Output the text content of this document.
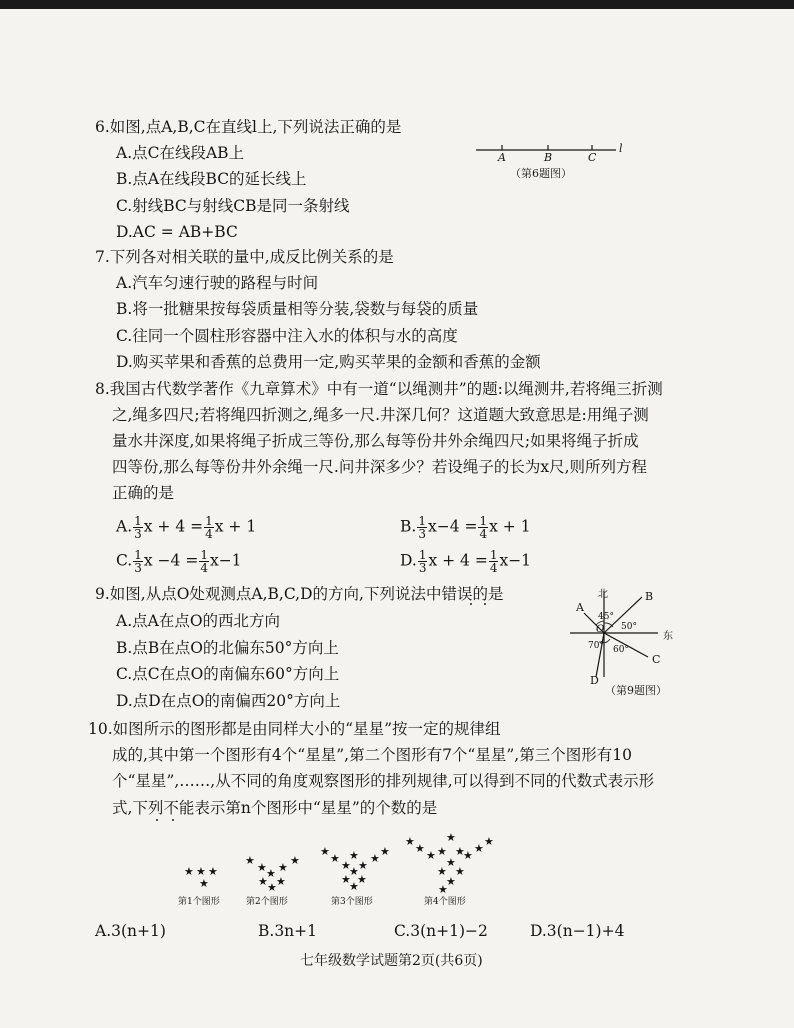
6.如图,点A,B,C在直线l上,下列说法正确的是
A.点C在线段AB上
B.点A在线段BC的延长线上
C.射线BC与射线CB是同一条射线
D.AC = AB+BC
A	B	C
l
（第6题图）
7.下列各对相关联的量中,成反比例关系的是
A.汽车匀速行驶的路程与时间
B.将一批糖果按每袋质量相等分装,袋数与每袋的质量
C.往同一个圆柱形容器中注入水的体积与水的高度
D.购买苹果和香蕉的总费用一定,购买苹果的金额和香蕉的金额
8.我国古代数学著作《九章算术》中有一道“以绳测井”的题:以绳测井,若将绳三折测
之,绳多四尺;若将绳四折测之,绳多一尺.井深几何？这道题大致意思是:用绳子测
量水井深度,如果将绳子折成三等份,那么每等份井外余绳四尺;如果将绳子折成
四等份,那么每等份井外余绳一尺.问井深多少？若设绳子的长为x尺,则所列方程
正确的是
A. $\frac{1}{3}$ $x + 4 = \frac{1}{4}$ x + 1	B. $\frac{1}{3} x-4 = \frac{1}{4}$ x + 1
C. $\frac{1}{3}$ $x -4 = \frac{1}{4} x-1$	D. $\frac{1}{3}$ $x + 4 = \frac{1}{4} x-1$
9.如图,从点O处观测点A,B,C,D的方向,下列说法中错误的是
A.点A在点O的西北方向
B.点B在点O的北偏东50°方向上
C.点C在点O的南偏东60°方向上
D.点D在点O的南偏西20°方向上
北
东
O
A
B
C
D
45°
50°
70° 60°
（第9题图）
10.如图所示的图形都是由同样大小的“星星”按一定的规律组
成的,其中第一个图形有4个“星星”,第二个图形有7个“星星”,第三个图形有10
个“星星”,……,从不同的角度观察图形的排列规律,可以得到不同的代数式表示形
式,下列不能表示第n个图形中“星星”的个数的是
★ ★ ★
★
★	★
★ ★
★
★ ★
★
★	★
★	★
★
★ ★
★
★ ★
★
★	★
★	★
★ ★
★
★ ★
★
★ ★
★
★
第1个图形	第2个图形	第3个图形	第4个图形
A.3(n+1)	B.3n+1	C.3(n+1)−2	D.3(n−1)+4
七年级数学试题第2页(共6页)
